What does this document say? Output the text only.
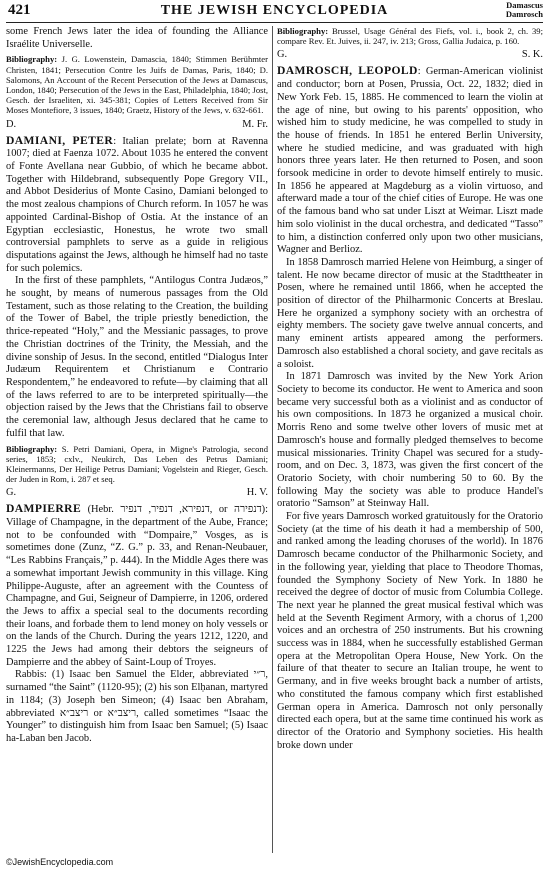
421	THE JEWISH ENCYCLOPEDIA	Damascus
Damrosch

some French Jews later the idea of founding the Alliance Israélite Universelle.

Bibliography: J. G. Lowenstein, Damascia, 1840; Stimmen Berühmter Christen, 1841; Persecution Contre les Juifs de Damas, Paris, 1840; D. Salomons, An Account of the Recent Persecution of the Jews at Damascus, London, 1840; Persecution of the Jews in the East, Philadelphia, 1840; Jost, Gesch. der Israeliten, xi. 345-381; Copies of Letters Received from Sir Moses Montefiore, 3 issues, 1840; Graetz, History of the Jews, v. 632-661.

D.	M. Fr.

DAMIANI, PETER: Italian prelate; born at Ravenna 1007; died at Faenza 1072. About 1035 he entered the convent of Fonte Avellana near Gubbio, of which he became abbot. Together with Hildebrand, subsequently Pope Gregory VII., and Abbot Desiderius of Monte Casino, Damiani belonged to the most zealous champions of Church reform. In 1057 he was appointed Cardinal-Bishop of Ostia. At the instance of an Egyptian ecclesiastic, Honestus, he wrote two small controversial pamphlets to serve as a guide in religious disputations against the Jews, although he himself had no taste for such polemics.

In the first of these pamphlets, “Antilogus Contra Judæos,” he sought, by means of numerous passages from the Old Testament, such as those relating to the Creation, the building of the Tower of Babel, the triple priestly benediction, the thrice-repeated “Holy,” and the Messianic passages, to prove the Christian doctrines of the Trinity, the Messiah, and the divine sonship of Jesus. In the second, entitled “Dialogus Inter Judæum Requirentem et Christianum e Contrario Respondentem,” he endeavored to refute—by claiming that all of the laws referred to are to be interpreted spiritually—the objection raised by the Jews that the Christians fail to observe the ceremonial law, although Jesus declared that he came to fulfil that law.

Bibliography: S. Petri Damiani, Opera, in Migne's Patrologia, second series, 1853; cxlv., Neukirch, Das Leben des Petrus Damiani; Kleinermanns, Der Heilige Petrus Damiani; Vogelstein and Rieger, Gesch. der Juden in Rom, i. 287 et seq.

G.	H. V.

DAMPIERRE (Hebr. דנפירא, דנפיר, דנפיר, or דנפירה): Village of Champagne, in the department of the Aube, France; not to be confounded with “Dompaire,” Vosges, as is sometimes done (Zunz, “Z. G.” p. 33, and Renan-Neubauer, “Les Rabbins Français,” p. 444). In the Middle Ages there was a somewhat important Jewish community in this village. King Philippe-Auguste, after an agreement with the Countess of Champagne, and Gui, Seigneur of Dampierre, in 1206, ordered the Jews to affix a special seal to the documents recording their loans, and forbade them to lend money on holy vessels or on the lands of the Church. During the years 1212, 1220, and 1225 the Jews had among their debtors the seigneurs of Dampierre and the abbey of Saint-Loup of Troyes.

Rabbis: (1) Isaac ben Samuel the Elder, abbreviated ר״י, surnamed “the Saint” (1120-95); (2) his son Elḥanan, martyred in 1184; (3) Joseph ben Simeon; (4) Isaac ben Abraham, abbreviated ריצב״א or ריצב״א, called sometimes “Isaac the Younger” to distinguish him from Isaac ben Samuel; (5) Isaac ha-Laban ben Jacob.

Bibliography: Brussel, Usage Général des Fiefs, vol. i., book 2, ch. 39; compare Rev. Et. Juives, ii. 247, iv. 213; Gross, Gallia Judaica, p. 160.

G.	S. K.

DAMROSCH, LEOPOLD: German-American violinist and conductor; born at Posen, Prussia, Oct. 22, 1832; died in New York Feb. 15, 1885. He commenced to learn the violin at the age of nine, but owing to his parents' opposition, who wished him to study medicine, he was compelled to study in the house of friends. In 1851 he entered Berlin University, where he studied medicine, and was graduated with high honors three years later. He then returned to Posen, and soon forsook medicine in order to devote himself entirely to music. In 1856 he appeared at Magdeburg as a violin virtuoso, and afterward made a tour of the chief cities of Europe. He was one of the famous band who sat under Liszt at Weimar. Liszt made him solo violinist in the ducal orchestra, and dedicated “Tasso” to him, a distinction conferred only upon two other musicians, Wagner and Berlioz.

In 1858 Damrosch married Helene von Heimburg, a singer of talent. He now became director of music at the Stadttheater in Posen, where he remained until 1866, when he accepted the position of director of the Philharmonic Concerts at Breslau. Here he organized a symphony society with an orchestra of eighty members. The society gave twelve annual concerts, and many eminent artists appeared among the performers. Damrosch also established a choral society, and gave recitals as a soloist.

In 1871 Damrosch was invited by the New York Arion Society to become its conductor. He went to America and soon became very successful both as a violinist and as conductor of his own compositions. In 1873 he organized a musical choir. Morris Reno and some twelve other lovers of music met at Damrosch's house and formally pledged themselves to become musical missionaries. Trinity Chapel was secured for a study-room, and on Dec. 3, 1873, was given the first concert of the Oratorio Society, with choir numbering 50 to 60. By the following May the society was able to produce Handel's oratorio “Samson” at Steinway Hall.

For five years Damrosch worked gratuitously for the Oratorio Society (at the time of his death it had a membership of 500, and ranked among the leading choruses of the world). In 1876 Damrosch became conductor of the Philharmonic Society, and in the following year, yielding that place to Theodore Thomas, founded the Symphony Society of New York. In 1880 he received the degree of doctor of music from Columbia College. The next year he planned the great musical festival which was held at the Seventh Regiment Armory, with a chorus of 1,200 voices and an orchestra of 250 instruments. But his crowning success was in 1884, when he successfully established German opera at the Metropolitan Opera House, New York. On the failure of that theater to secure an Italian troupe, he went to Germany, and in five weeks brought back a number of artists, who constituted the famous company which first established German opera in America. Damrosch not only personally directed each opera, but at the same time continued his work as director of the Oratorio and Symphony societies. His health broke down under

©JewishEncyclopedia.com
